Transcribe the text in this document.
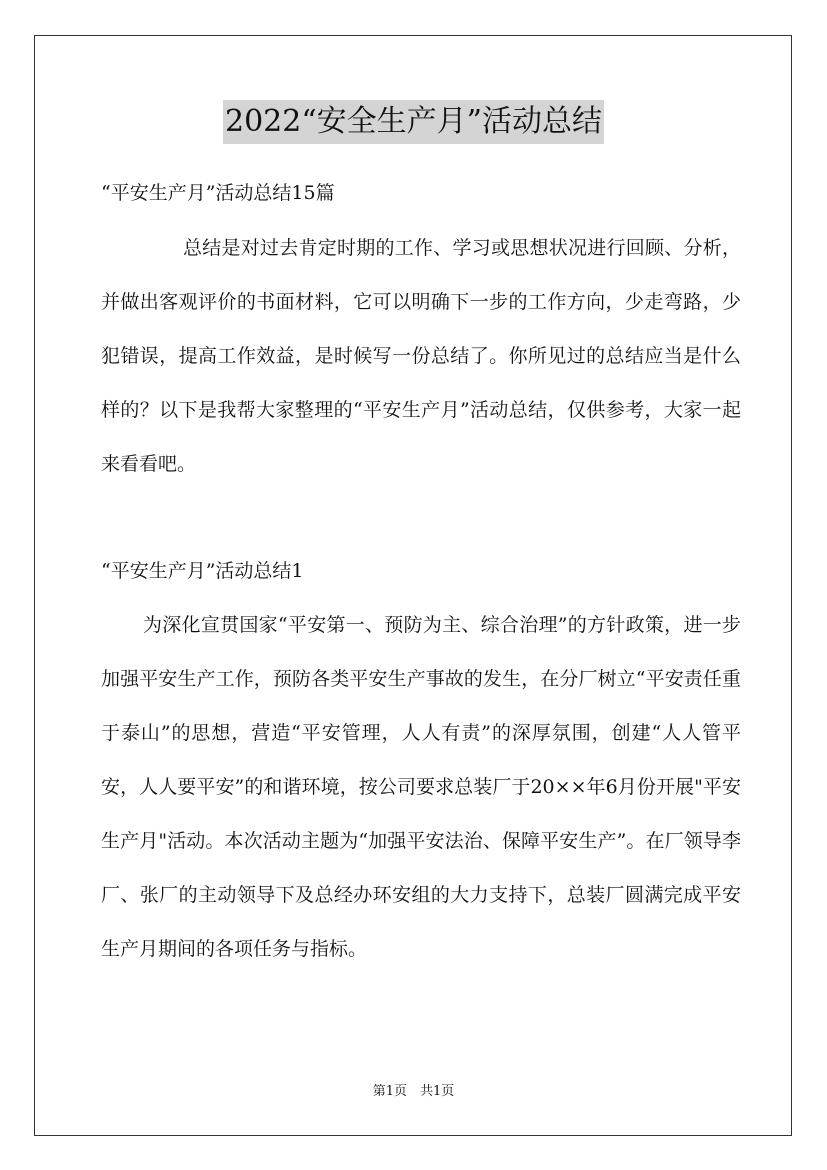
2022“安全生产月”活动总结

“平安生产月”活动总结15篇

总结是对过去肯定时期的工作、学习或思想状况进行回顾、分析，并做出客观评价的书面材料，它可以明确下一步的工作方向，少走弯路，少犯错误，提高工作效益，是时候写一份总结了。你所见过的总结应当是什么样的？以下是我帮大家整理的“平安生产月”活动总结，仅供参考，大家一起来看看吧。

“平安生产月”活动总结1

为深化宣贯国家“平安第一、预防为主、综合治理”的方针政策，进一步加强平安生产工作，预防各类平安生产事故的发生，在分厂树立“平安责任重于泰山”的思想，营造“平安管理，人人有责”的深厚氛围，创建“人人管平安，人人要平安”的和谐环境，按公司要求总装厂于20××年6月份开展"平安生产月"活动。本次活动主题为“加强平安法治、保障平安生产”。在厂领导李厂、张厂的主动领导下及总经办环安组的大力支持下，总装厂圆满完成平安生产月期间的各项任务与指标。

第1页　共1页
